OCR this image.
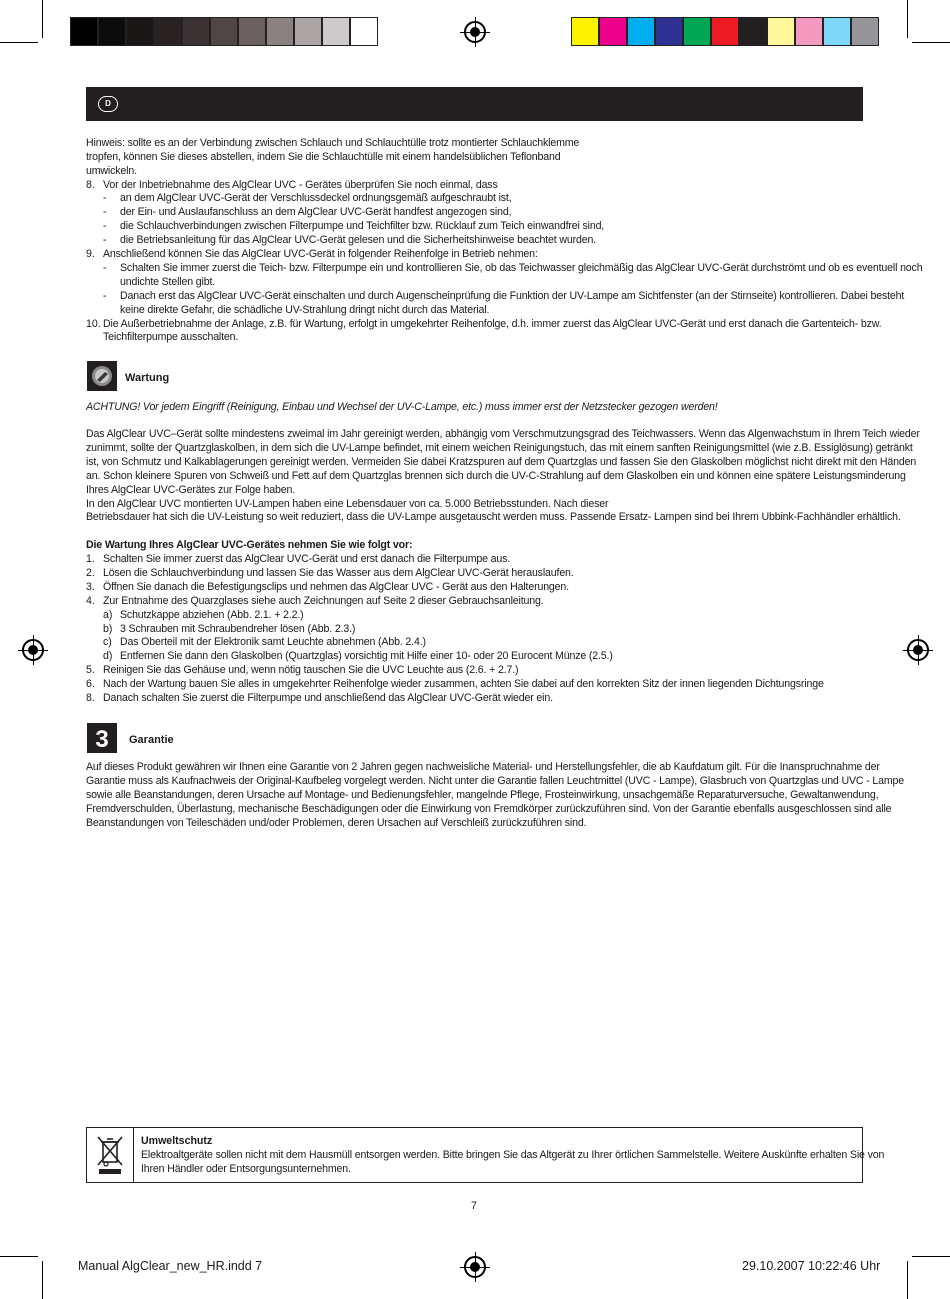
D
Hinweis: sollte es an der Verbindung zwischen Schlauch und Schlauchtülle trotz montierter Schlauchklemme
tropfen, können Sie dieses abstellen, indem Sie die Schlauchtülle mit einem handelsüblichen Teflonband
umwickeln.
8. Vor der Inbetriebnahme des AlgClear UVC - Gerätes überprüfen Sie noch einmal, dass
- an dem AlgClear UVC-Gerät der Verschlussdeckel ordnungsgemäß aufgeschraubt ist,
- der Ein- und Auslaufanschluss an dem AlgClear UVC-Gerät handfest angezogen sind,
- die Schlauchverbindungen zwischen Filterpumpe und Teichfilter bzw. Rücklauf zum Teich einwandfrei sind,
- die Betriebsanleitung für das AlgClear UVC-Gerät gelesen und die Sicherheitshinweise beachtet wurden.
9. Anschließend können Sie das AlgClear UVC-Gerät in folgender Reihenfolge in Betrieb nehmen:
- Schalten Sie immer zuerst die Teich- bzw. Filterpumpe ein und kontrollieren Sie, ob das Teichwasser gleichmäßig das AlgClear UVC-Gerät durchströmt und ob es eventuell noch
undichte Stellen gibt.
- Danach erst das AlgClear UVC-Gerät einschalten und durch Augenscheinprüfung die Funktion der UV-Lampe am Sichtfenster (an der Stirnseite) kontrollieren. Dabei besteht
keine direkte Gefahr, die schädliche UV-Strahlung dringt nicht durch das Material.
10. Die Außerbetriebnahme der Anlage, z.B. für Wartung, erfolgt in umgekehrter Reihenfolge, d.h. immer zuerst das AlgClear UVC-Gerät und erst danach die Gartenteich- bzw.
Teichfilterpumpe ausschalten.
Wartung
ACHTUNG! Vor jedem Eingriff (Reinigung, Einbau und Wechsel der UV-C-Lampe, etc.) muss immer erst der Netzstecker gezogen werden!
Das AlgClear UVC–Gerät sollte mindestens zweimal im Jahr gereinigt werden, abhängig vom Verschmutzungsgrad des Teichwassers. Wenn das Algenwachstum in Ihrem Teich wieder
zunimmt, sollte der Quartzglaskolben, in dem sich die UV-Lampe befindet, mit einem weichen Reinigungstuch, das mit einem sanften Reinigungsmittel (wie z.B. Essiglösung) getränkt
ist, von Schmutz und Kalkablagerungen gereinigt werden. Vermeiden Sie dabei Kratzspuren auf dem Quartzglas und fassen Sie den Glaskolben möglichst nicht direkt mit den Händen
an. Schon kleinere Spuren von Schweiß und Fett auf dem Quartzglas brennen sich durch die UV-C-Strahlung auf dem Glaskolben ein und können eine spätere Leistungsminderung
Ihres AlgClear UVC-Gerätes zur Folge haben.
In den AlgClear UVC montierten UV-Lampen haben eine Lebensdauer von ca. 5.000 Betriebsstunden. Nach dieser
Betriebsdauer hat sich die UV-Leistung so weit reduziert, dass die UV-Lampe ausgetauscht werden muss. Passende Ersatz- Lampen sind bei Ihrem Ubbink-Fachhändler erhältlich.
Die Wartung Ihres AlgClear UVC-Gerätes nehmen Sie wie folgt vor:
1. Schalten Sie immer zuerst das AlgClear UVC-Gerät und erst danach die Filterpumpe aus.
2. Lösen die Schlauchverbindung und lassen Sie das Wasser aus dem AlgClear UVC-Gerät herauslaufen.
3. Öffnen Sie danach die Befestigungsclips und nehmen das AlgClear UVC - Gerät aus den Halterungen.
4. Zur Entnahme des Quarzglases siehe auch Zeichnungen auf Seite 2 dieser Gebrauchsanleitung.
a) Schutzkappe abziehen (Abb. 2.1. + 2.2.)
b) 3 Schrauben mit Schraubendreher lösen (Abb. 2.3.)
c) Das Oberteil mit der Elektronik samt Leuchte abnehmen (Abb. 2.4.)
d) Entfernen Sie dann den Glaskolben (Quartzglas) vorsichtig mit Hilfe einer 10- oder 20 Eurocent Münze (2.5.)
5. Reinigen Sie das Gehäuse und, wenn nötig tauschen Sie die UVC Leuchte aus (2.6. + 2.7.)
6. Nach der Wartung bauen Sie alles in umgekehrter Reihenfolge wieder zusammen, achten Sie dabei auf den korrekten Sitz der innen liegenden Dichtungsringe
8. Danach schalten Sie zuerst die Filterpumpe und anschließend das AlgClear UVC-Gerät wieder ein.
3 Garantie
Auf dieses Produkt gewähren wir Ihnen eine Garantie von 2 Jahren gegen nachweisliche Material- und Herstellungsfehler, die ab Kaufdatum gilt. Für die Inanspruchnahme der
Garantie muss als Kaufnachweis der Original-Kaufbeleg vorgelegt werden. Nicht unter die Garantie fallen Leuchtmittel (UVC - Lampe), Glasbruch von Quartzglas und UVC - Lampe
sowie alle Beanstandungen, deren Ursache auf Montage- und Bedienungsfehler, mangelnde Pflege, Frosteinwirkung, unsachgemäße Reparaturversuche, Gewaltanwendung,
Fremdverschulden, Überlastung, mechanische Beschädigungen oder die Einwirkung von Fremdkörper zurückzuführen sind. Von der Garantie ebenfalls ausgeschlossen sind alle
Beanstandungen von Teileschäden und/oder Problemen, deren Ursachen auf Verschleiß zurückzuführen sind.
Umweltschutz
Elektroaltgeräte sollen nicht mit dem Hausmüll entsorgen werden. Bitte bringen Sie das Altgerät zu Ihrer örtlichen Sammelstelle. Weitere Auskünfte erhalten Sie von
Ihren Händler oder Entsorgungsunternehmen.
7
Manual AlgClear_new_HR.indd 7	29.10.2007 10:22:46 Uhr
